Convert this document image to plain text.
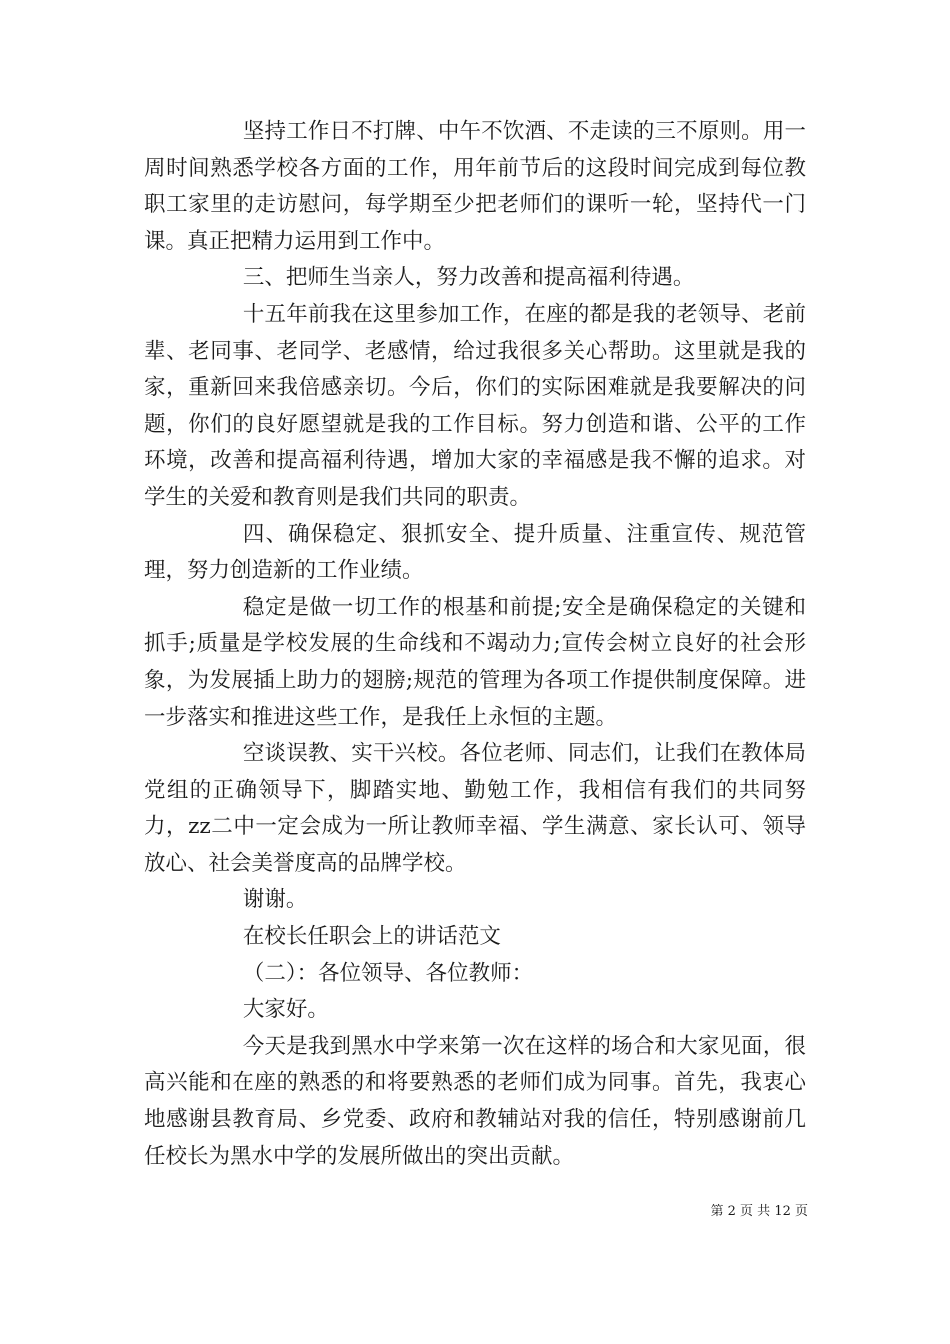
坚持工作日不打牌、中午不饮酒、不走读的三不原则。用一周时间熟悉学校各方面的工作，用年前节后的这段时间完成到每位教职工家里的走访慰问，每学期至少把老师们的课听一轮，坚持代一门课。真正把精力运用到工作中。

三、把师生当亲人，努力改善和提高福利待遇。

十五年前我在这里参加工作，在座的都是我的老领导、老前辈、老同事、老同学、老感情，给过我很多关心帮助。这里就是我的家，重新回来我倍感亲切。今后，你们的实际困难就是我要解决的问题，你们的良好愿望就是我的工作目标。努力创造和谐、公平的工作环境，改善和提高福利待遇，增加大家的幸福感是我不懈的追求。对学生的关爱和教育则是我们共同的职责。

四、确保稳定、狠抓安全、提升质量、注重宣传、规范管理，努力创造新的工作业绩。

稳定是做一切工作的根基和前提;安全是确保稳定的关键和抓手;质量是学校发展的生命线和不竭动力;宣传会树立良好的社会形象，为发展插上助力的翅膀;规范的管理为各项工作提供制度保障。进一步落实和推进这些工作，是我任上永恒的主题。

空谈误教、实干兴校。各位老师、同志们，让我们在教体局党组的正确领导下，脚踏实地、勤勉工作，我相信有我们的共同努力，zz二中一定会成为一所让教师幸福、学生满意、家长认可、领导放心、社会美誉度高的品牌学校。

谢谢。

在校长任职会上的讲话范文

（二）：各位领导、各位教师：

大家好。

今天是我到黑水中学来第一次在这样的场合和大家见面，很高兴能和在座的熟悉的和将要熟悉的老师们成为同事。首先，我衷心地感谢县教育局、乡党委、政府和教辅站对我的信任，特别感谢前几任校长为黑水中学的发展所做出的突出贡献。

第 2 页 共 12 页
